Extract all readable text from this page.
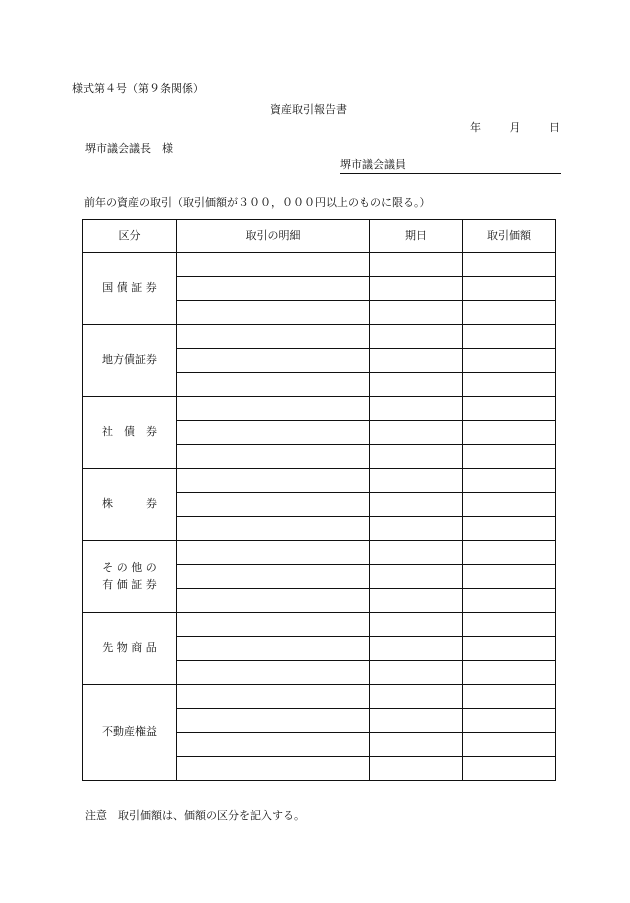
様式第４号（第９条関係）
資産取引報告書
年	月	日
堺市議会議長　様
堺市議会議員
前年の資産の取引（取引価額が３００，０００円以上のものに限る。）
区分	取引の明細	期日	取引価額
国 債 証 券			

地方債証券			

社　債　券			

株　　　券			

そ の 他 の
有 価 証 券			

先 物 商 品			

不動産権益			

注意　取引価額は、価額の区分を記入する。
